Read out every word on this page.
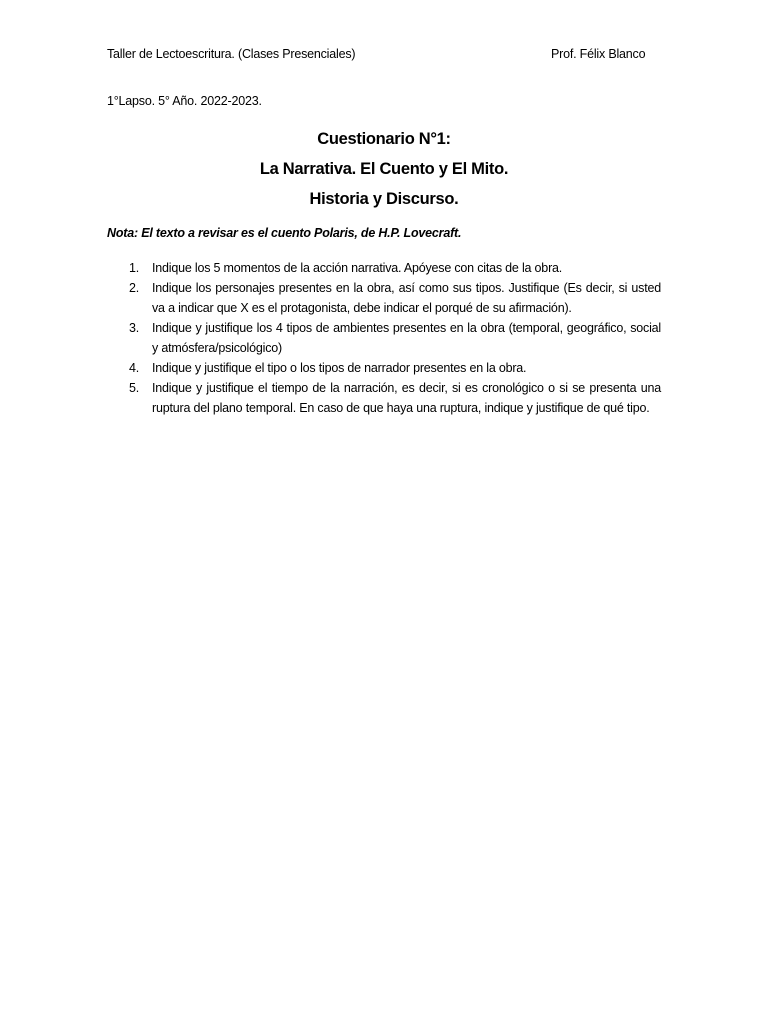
Taller de Lectoescritura. (Clases Presenciales)	Prof. Félix Blanco
1°Lapso. 5° Año. 2022-2023.
Cuestionario N°1:
La Narrativa. El Cuento y El Mito.
Historia y Discurso.
Nota: El texto a revisar es el cuento Polaris, de H.P. Lovecraft.
1. Indique los 5 momentos de la acción narrativa. Apóyese con citas de la obra.
2. Indique los personajes presentes en la obra, así como sus tipos. Justifique (Es decir, si usted va a indicar que X es el protagonista, debe indicar el porqué de su afirmación).
3. Indique y justifique los 4 tipos de ambientes presentes en la obra (temporal, geográfico, social y atmósfera/psicológico)
4. Indique y justifique el tipo o los tipos de narrador presentes en la obra.
5. Indique y justifique el tiempo de la narración, es decir, si es cronológico o si se presenta una ruptura del plano temporal. En caso de que haya una ruptura, indique y justifique de qué tipo.
